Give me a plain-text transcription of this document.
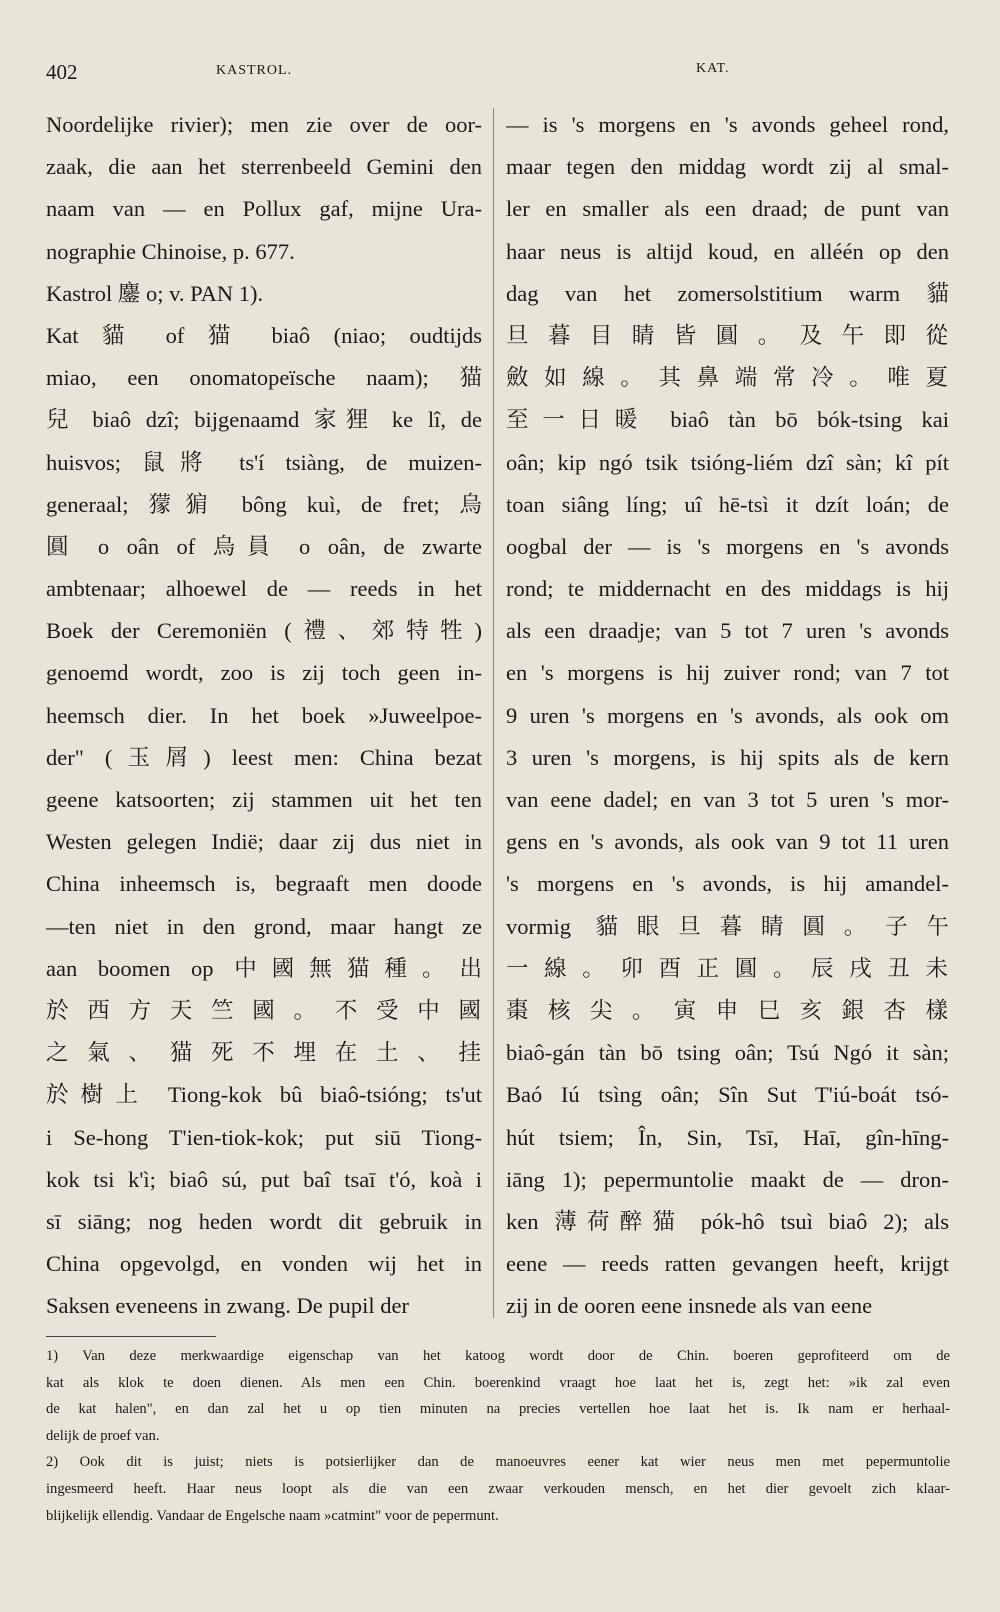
402	KASTROL.	KAT.
Noordelijke rivier); men zie over de oor-
zaak, die aan het sterrenbeeld Gemini den
naam van — en Pollux gaf, mijne Ura-
nographie Chinoise, p. 677.
Kastrol 鏖 o; v. PAN 1).
Kat 貓 of 猫 biaô (niao; oudtijds
miao, een onomatopeïsche naam); 猫
兒 biaô dzî; bijgenaamd 家狸 ke lî, de
huisvos; 鼠將 ts'í tsiàng, de muizen-
generaal; 獴猏 bông kuì, de fret; 烏
圓 o oân of 烏員 o oân, de zwarte
ambtenaar; alhoewel de — reeds in het
Boek der Ceremoniën (禮、郊特牲)
genoemd wordt, zoo is zij toch geen in-
heemsch dier. In het boek »Juweelpoe-
der" (玉屑) leest men: China bezat
geene katsoorten; zij stammen uit het ten
Westen gelegen Indië; daar zij dus niet in
China inheemsch is, begraaft men doode
—ten niet in den grond, maar hangt ze
aan boomen op 中國無猫種。出
於西方天竺國。不受中國
之氣、猫死不埋在土、挂
於樹上 Tiong-kok bû biaô-tsióng; ts'ut
i Se-hong T'ien-tiok-kok; put siū Tiong-
kok tsi k'ì; biaô sú, put baî tsaī t'ó, koà i
sī siāng; nog heden wordt dit gebruik in
China opgevolgd, en vonden wij het in
Saksen eveneens in zwang. De pupil der
— is 's morgens en 's avonds geheel rond,
maar tegen den middag wordt zij al smal-
ler en smaller als een draad; de punt van
haar neus is altijd koud, en alléén op den
dag van het zomersolstitium warm 貓
旦暮目睛皆圓。及午即從
斂如線。其鼻端常冷。唯夏
至一日暖 biaô tàn bō bók-tsing kai
oân; kip ngó tsik tsióng-liém dzî sàn; kî pít
toan siâng líng; uî hē-tsì it dzít loán; de
oogbal der — is 's morgens en 's avonds
rond; te middernacht en des middags is hij
als een draadje; van 5 tot 7 uren 's avonds
en 's morgens is hij zuiver rond; van 7 tot
9 uren 's morgens en 's avonds, als ook om
3 uren 's morgens, is hij spits als de kern
van eene dadel; en van 3 tot 5 uren 's mor-
gens en 's avonds, als ook van 9 tot 11 uren
's morgens en 's avonds, is hij amandel-
vormig 貓眼旦暮睛圓。子午
一線。卯酉正圓。辰戌丑未
棗核尖。寅申巳亥銀杏樣
biaô-gán tàn bō tsing oân; Tsú Ngó it sàn;
Baó Iú tsìng oân; Sîn Sut T'iú-boát tsó-
hút tsiem; În, Sin, Tsī, Haī, gîn-hīng-
iāng 1); pepermuntolie maakt de — dron-
ken 薄荷醉猫 pók-hô tsuì biaô 2); als
eene — reeds ratten gevangen heeft, krijgt
zij in de ooren eene insnede als van eene
1) Van deze merkwaardige eigenschap van het katoog wordt door de Chin. boeren geprofiteerd om de
kat als klok te doen dienen. Als men een Chin. boerenkind vraagt hoe laat het is, zegt het: »ik zal even
de kat halen", en dan zal het u op tien minuten na precies vertellen hoe laat het is. Ik nam er herhaal-
delijk de proef van.
2) Ook dit is juist; niets is potsierlijker dan de manoeuvres eener kat wier neus men met pepermuntolie
ingesmeerd heeft. Haar neus loopt als die van een zwaar verkouden mensch, en het dier gevoelt zich klaar-
blijkelijk ellendig. Vandaar de Engelsche naam »catmint" voor de pepermunt.
